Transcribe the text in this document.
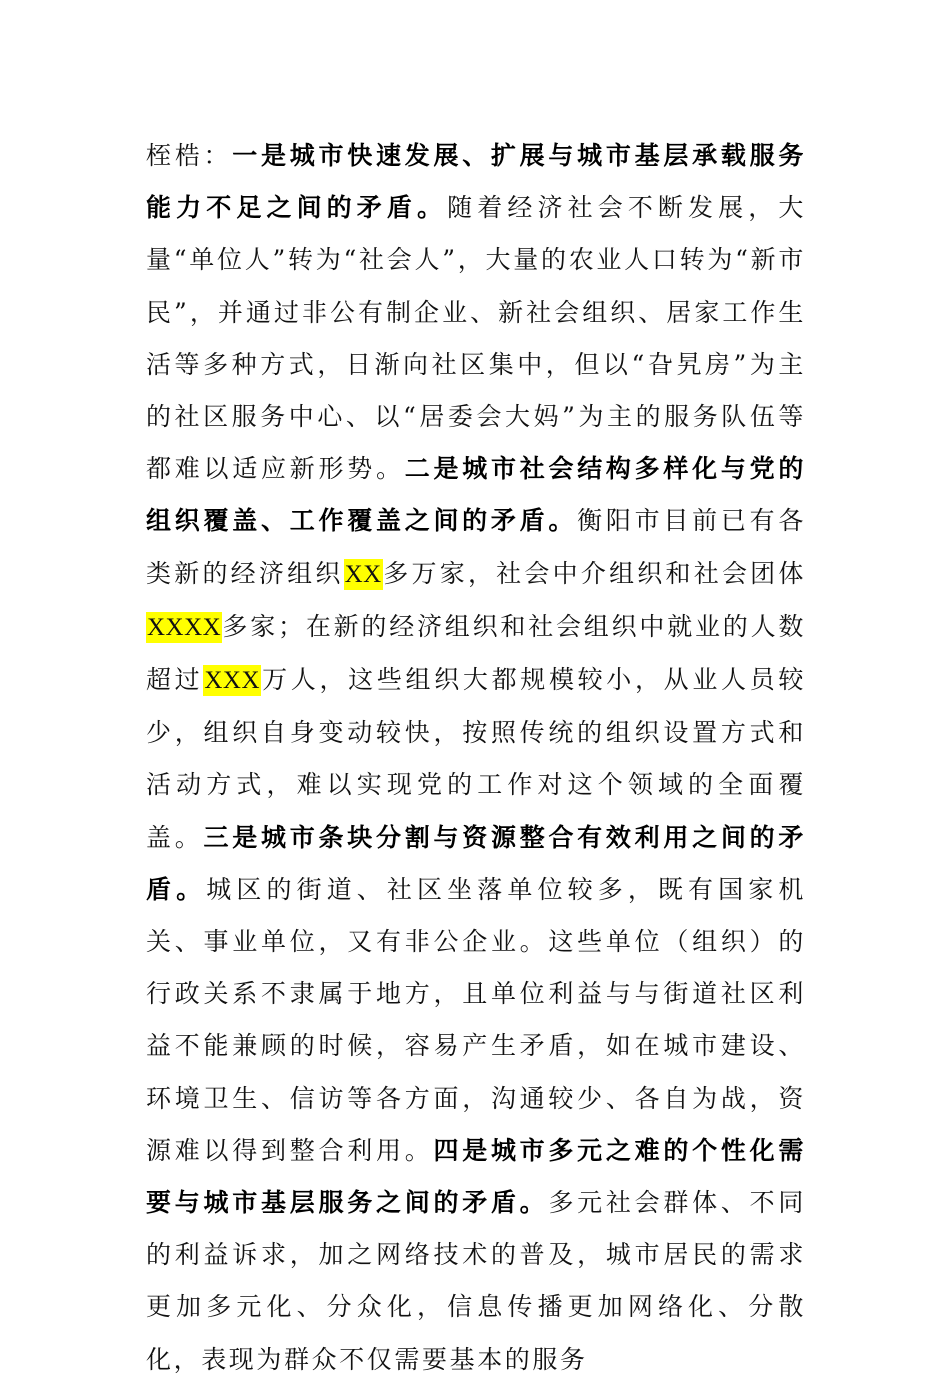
桎梏：一是城市快速发展、扩展与城市基层承载服务能力不足之间的矛盾。随着经济社会不断发展，大量“单位人”转为“社会人”，大量的农业人口转为“新市民”，并通过非公有制企业、新社会组织、居家工作生活等多种方式，日渐向社区集中，但以“旮旯房”为主的社区服务中心、以“居委会大妈”为主的服务队伍等都难以适应新形势。二是城市社会结构多样化与党的组织覆盖、工作覆盖之间的矛盾。衡阳市目前已有各类新的经济组织XX多万家，社会中介组织和社会团体XXXX多家；在新的经济组织和社会组织中就业的人数超过XXX万人，这些组织大都规模较小，从业人员较少，组织自身变动较快，按照传统的组织设置方式和活动方式，难以实现党的工作对这个领域的全面覆盖。三是城市条块分割与资源整合有效利用之间的矛盾。城区的街道、社区坐落单位较多，既有国家机关、事业单位，又有非公企业。这些单位（组织）的行政关系不隶属于地方，且单位利益与与街道社区利益不能兼顾的时候，容易产生矛盾，如在城市建设、环境卫生、信访等各方面，沟通较少、各自为战，资源难以得到整合利用。四是城市多元之难的个性化需要与城市基层服务之间的矛盾。多元社会群体、不同的利益诉求，加之网络技术的普及，城市居民的需求更加多元化、分众化，信息传播更加网络化、分散化，表现为群众不仅需要基本的服务
